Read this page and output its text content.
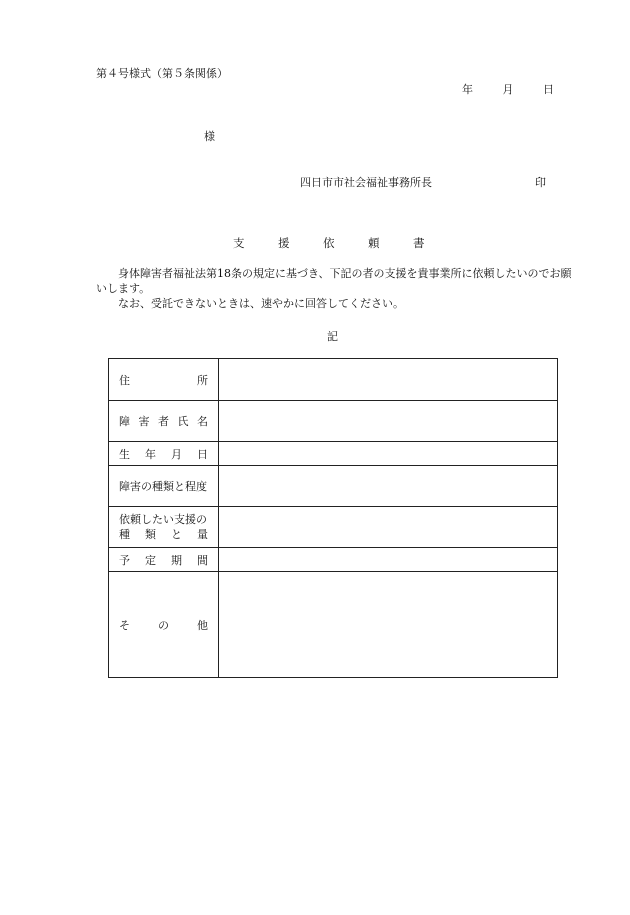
第４号様式（第５条関係）
年	月	日
様
四日市市社会福祉事務所長	印
支	援	依	頼	書

身体障害者福祉法第18条の規定に基づき、下記の者の支援を貴事業所に依頼したいのでお願いします。

なお、受託できないときは、速やかに回答してください。

記
住 所	

障 害 者 氏 名	

生 年 月 日	

障害の種類と程度	

依頼したい支援の
種 類 と 量	

予 定 期 間	

そ の 他	
